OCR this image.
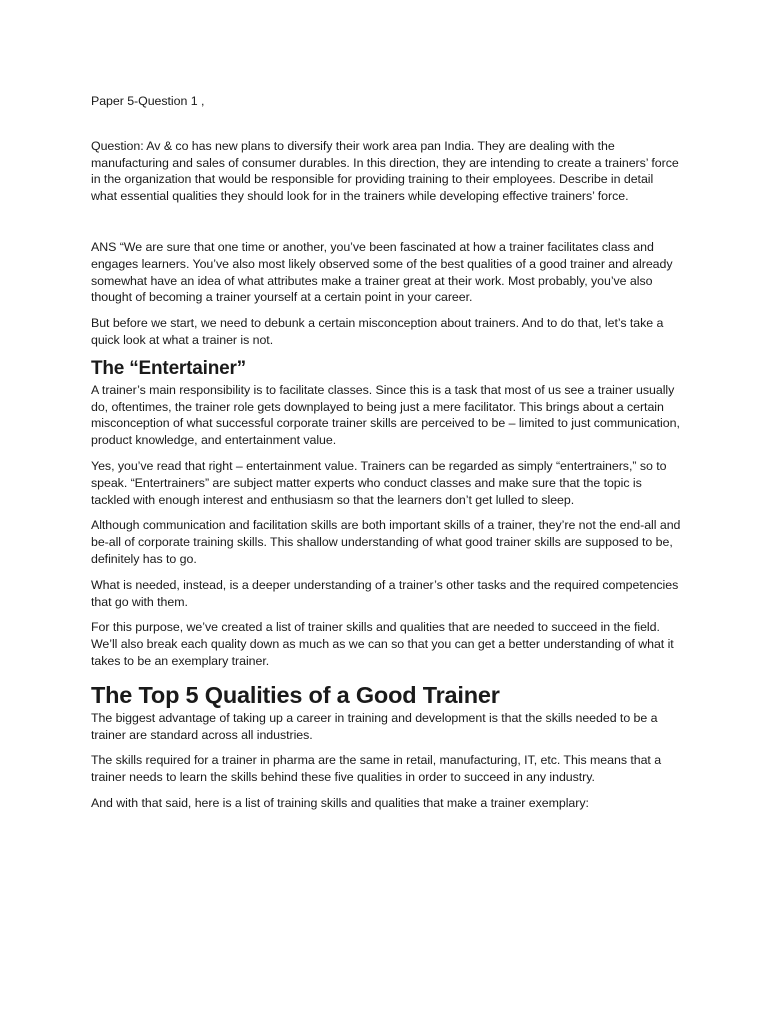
Paper 5-Question 1 ,

Question: Av & co has new plans to diversify their work area pan India. They are dealing with the manufacturing and sales of consumer durables. In this direction, they are intending to create a trainers’ force in the organization that would be responsible for providing training to their employees. Describe in detail what essential qualities they should look for in the trainers while developing effective trainers’ force.

ANS “We are sure that one time or another, you’ve been fascinated at how a trainer facilitates class and engages learners. You’ve also most likely observed some of the best qualities of a good trainer and already somewhat have an idea of what attributes make a trainer great at their work. Most probably, you’ve also thought of becoming a trainer yourself at a certain point in your career.

But before we start, we need to debunk a certain misconception about trainers. And to do that, let’s take a quick look at what a trainer is not.

The “Entertainer”

A trainer’s main responsibility is to facilitate classes. Since this is a task that most of us see a trainer usually do, oftentimes, the trainer role gets downplayed to being just a mere facilitator. This brings about a certain misconception of what successful corporate trainer skills are perceived to be – limited to just communication, product knowledge, and entertainment value.

Yes, you’ve read that right – entertainment value. Trainers can be regarded as simply “entertrainers,” so to speak. “Entertrainers” are subject matter experts who conduct classes and make sure that the topic is tackled with enough interest and enthusiasm so that the learners don’t get lulled to sleep.

Although communication and facilitation skills are both important skills of a trainer, they’re not the end-all and be-all of corporate training skills. This shallow understanding of what good trainer skills are supposed to be, definitely has to go.

What is needed, instead, is a deeper understanding of a trainer’s other tasks and the required competencies that go with them.

For this purpose, we’ve created a list of trainer skills and qualities that are needed to succeed in the field. We’ll also break each quality down as much as we can so that you can get a better understanding of what it takes to be an exemplary trainer.

The Top 5 Qualities of a Good Trainer

The biggest advantage of taking up a career in training and development is that the skills needed to be a trainer are standard across all industries.

The skills required for a trainer in pharma are the same in retail, manufacturing, IT, etc. This means that a trainer needs to learn the skills behind these five qualities in order to succeed in any industry.

And with that said, here is a list of training skills and qualities that make a trainer exemplary:
